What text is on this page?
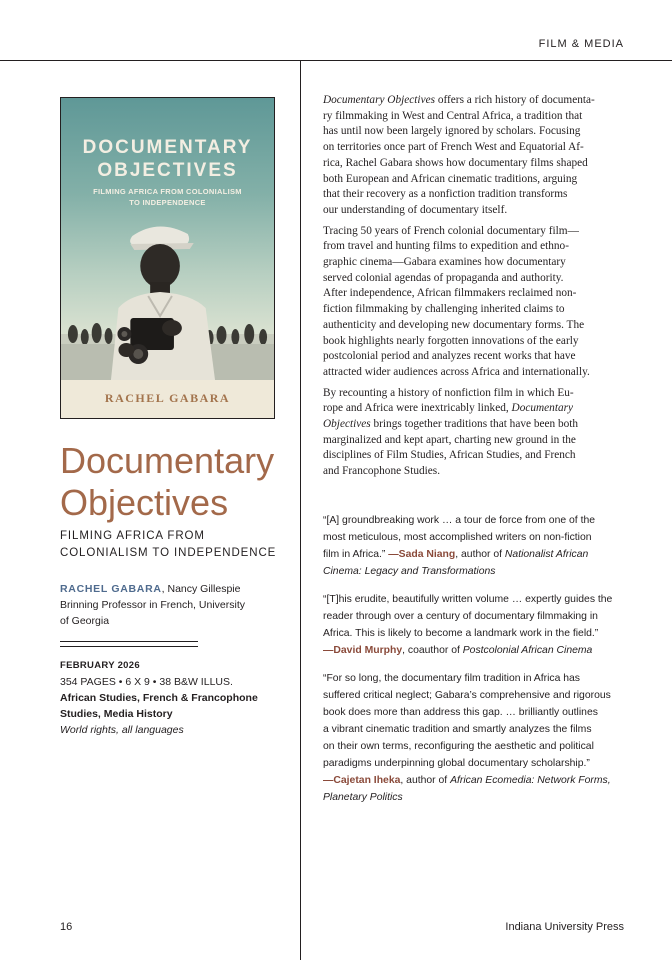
FILM & MEDIA
DOCUMENTARY
OBJECTIVES
FILMING AFRICA FROM COLONIALISM
TO INDEPENDENCE
RACHEL GABARA
Documentary
Objectives
FILMING AFRICA FROM
COLONIALISM TO INDEPENDENCE
RACHEL GABARA, Nancy Gillespie
Brinning Professor in French, University
of Georgia
FEBRUARY 2026
354 PAGES • 6 X 9 • 38 B&W ILLUS.
African Studies, French & Francophone
Studies, Media History
World rights, all languages

Documentary Objectives offers a rich history of documenta-
ry filmmaking in West and Central Africa, a tradition that
has until now been largely ignored by scholars. Focusing
on territories once part of French West and Equatorial Af-
rica, Rachel Gabara shows how documentary films shaped
both European and African cinematic traditions, arguing
that their recovery as a nonfiction tradition transforms
our understanding of documentary itself.

Tracing 50 years of French colonial documentary film—
from travel and hunting films to expedition and ethno-
graphic cinema—Gabara examines how documentary
served colonial agendas of propaganda and authority.
After independence, African filmmakers reclaimed non-
fiction filmmaking by challenging inherited claims to
authenticity and developing new documentary forms. The
book highlights nearly forgotten innovations of the early
postcolonial period and analyzes recent works that have
attracted wider audiences across Africa and internationally.

By recounting a history of nonfiction film in which Eu-
rope and Africa were inextricably linked, Documentary
Objectives brings together traditions that have been both
marginalized and kept apart, charting new ground in the
disciplines of Film Studies, African Studies, and French
and Francophone Studies.

“[A] groundbreaking work … a tour de force from one of the
most meticulous, most accomplished writers on non-fiction
film in Africa.” —Sada Niang, author of Nationalist African
Cinema: Legacy and Transformations
“[T]his erudite, beautifully written volume … expertly guides the
reader through over a century of documentary filmmaking in
Africa. This is likely to become a landmark work in the field.”
—David Murphy, coauthor of Postcolonial African Cinema
“For so long, the documentary film tradition in Africa has
suffered critical neglect; Gabara’s comprehensive and rigorous
book does more than address this gap. … brilliantly outlines
a vibrant cinematic tradition and smartly analyzes the films
on their own terms, reconfiguring the aesthetic and political
paradigms underpinning global documentary scholarship.”
—Cajetan Iheka, author of African Ecomedia: Network Forms,
Planetary Politics
16	Indiana University Press
